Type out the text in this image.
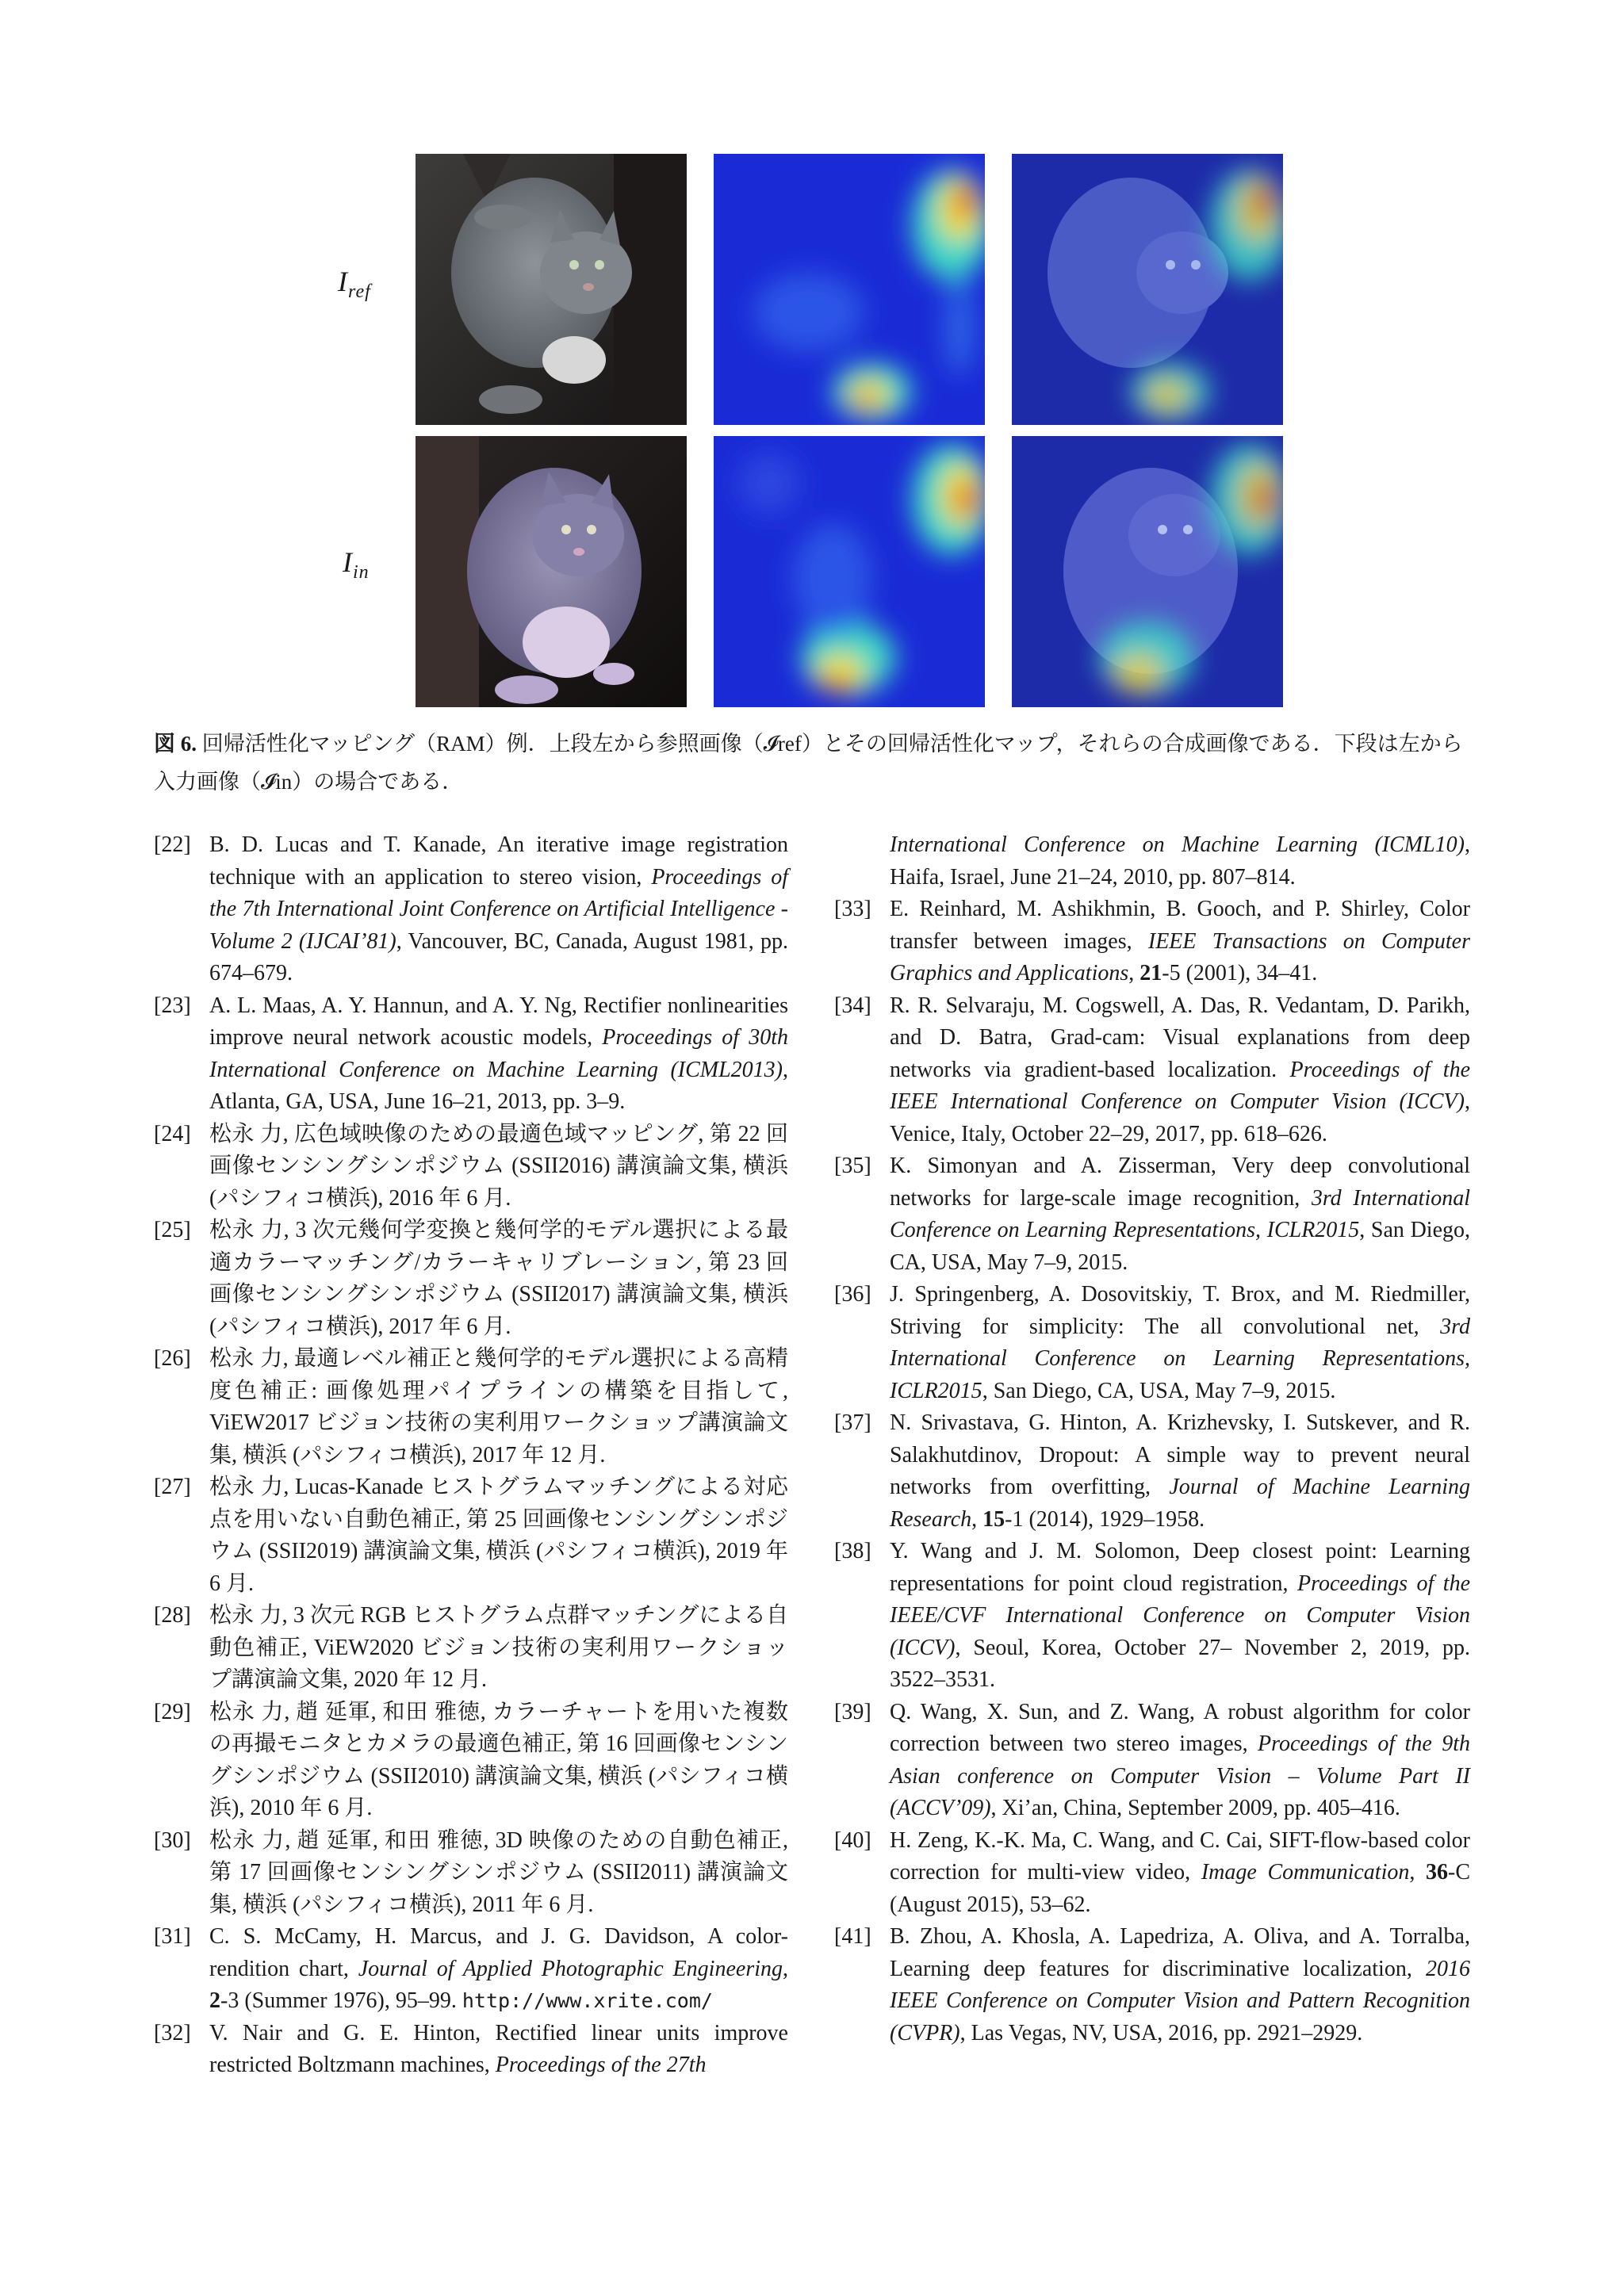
$I_{ref}$
$I_{in}$
図 6. 回帰活性化マッピング（RAM）例．上段左から参照画像（𝓘ref）とその回帰活性化マップ，それらの合成画像である．下段は左から入力画像（𝓘in）の場合である．
[22] B. D. Lucas and T. Kanade, An iterative image registration technique with an application to stereo vision, Proceedings of the 7th International Joint Conference on Artificial Intelligence - Volume 2 (IJCAI’81), Vancouver, BC, Canada, August 1981, pp. 674–679.
[23] A. L. Maas, A. Y. Hannun, and A. Y. Ng, Rectifier nonlinearities improve neural network acoustic models, Proceedings of 30th International Conference on Machine Learning (ICML2013), Atlanta, GA, USA, June 16–21, 2013, pp. 3–9.
[24] 松永 力, 広色域映像のための最適色域マッピング, 第 22 回画像センシングシンポジウム (SSII2016) 講演論文集, 横浜 (パシフィコ横浜), 2016 年 6 月.
[25] 松永 力, 3 次元幾何学変換と幾何学的モデル選択による最適カラーマッチング/カラーキャリブレーション, 第 23 回画像センシングシンポジウム (SSII2017) 講演論文集, 横浜 (パシフィコ横浜), 2017 年 6 月.
[26] 松永 力, 最適レベル補正と幾何学的モデル選択による高精度色補正: 画像処理パイプラインの構築を目指して, ViEW2017 ビジョン技術の実利用ワークショップ講演論文集, 横浜 (パシフィコ横浜), 2017 年 12 月.
[27] 松永 力, Lucas-Kanade ヒストグラムマッチングによる対応点を用いない自動色補正, 第 25 回画像センシングシンポジウム (SSII2019) 講演論文集, 横浜 (パシフィコ横浜), 2019 年 6 月.
[28] 松永 力, 3 次元 RGB ヒストグラム点群マッチングによる自動色補正, ViEW2020 ビジョン技術の実利用ワークショップ講演論文集, 2020 年 12 月.
[29] 松永 力, 趙 延軍, 和田 雅徳, カラーチャートを用いた複数の再撮モニタとカメラの最適色補正, 第 16 回画像センシングシンポジウム (SSII2010) 講演論文集, 横浜 (パシフィコ横浜), 2010 年 6 月.
[30] 松永 力, 趙 延軍, 和田 雅徳, 3D 映像のための自動色補正, 第 17 回画像センシングシンポジウム (SSII2011) 講演論文集, 横浜 (パシフィコ横浜), 2011 年 6 月.
[31] C. S. McCamy, H. Marcus, and J. G. Davidson, A color-rendition chart, Journal of Applied Photographic Engineering, 2-3 (Summer 1976), 95–99. http://www.xrite.com/
[32] V. Nair and G. E. Hinton, Rectified linear units improve restricted Boltzmann machines, Proceedings of the 27th
International Conference on Machine Learning (ICML10), Haifa, Israel, June 21–24, 2010, pp. 807–814.
[33] E. Reinhard, M. Ashikhmin, B. Gooch, and P. Shirley, Color transfer between images, IEEE Transactions on Computer Graphics and Applications, 21-5 (2001), 34–41.
[34] R. R. Selvaraju, M. Cogswell, A. Das, R. Vedantam, D. Parikh, and D. Batra, Grad-cam: Visual explanations from deep networks via gradient-based localization. Proceedings of the IEEE International Conference on Computer Vision (ICCV), Venice, Italy, October 22–29, 2017, pp. 618–626.
[35] K. Simonyan and A. Zisserman, Very deep convolutional networks for large-scale image recognition, 3rd International Conference on Learning Representations, ICLR2015, San Diego, CA, USA, May 7–9, 2015.
[36] J. Springenberg, A. Dosovitskiy, T. Brox, and M. Riedmiller, Striving for simplicity: The all convolutional net, 3rd International Conference on Learning Representations, ICLR2015, San Diego, CA, USA, May 7–9, 2015.
[37] N. Srivastava, G. Hinton, A. Krizhevsky, I. Sutskever, and R. Salakhutdinov, Dropout: A simple way to prevent neural networks from overfitting, Journal of Machine Learning Research, 15-1 (2014), 1929–1958.
[38] Y. Wang and J. M. Solomon, Deep closest point: Learning representations for point cloud registration, Proceedings of the IEEE/CVF International Conference on Computer Vision (ICCV), Seoul, Korea, October 27– November 2, 2019, pp. 3522–3531.
[39] Q. Wang, X. Sun, and Z. Wang, A robust algorithm for color correction between two stereo images, Proceedings of the 9th Asian conference on Computer Vision – Volume Part II (ACCV’09), Xi’an, China, September 2009, pp. 405–416.
[40] H. Zeng, K.-K. Ma, C. Wang, and C. Cai, SIFT-flow-based color correction for multi-view video, Image Communication, 36-C (August 2015), 53–62.
[41] B. Zhou, A. Khosla, A. Lapedriza, A. Oliva, and A. Torralba, Learning deep features for discriminative localization, 2016 IEEE Conference on Computer Vision and Pattern Recognition (CVPR), Las Vegas, NV, USA, 2016, pp. 2921–2929.
